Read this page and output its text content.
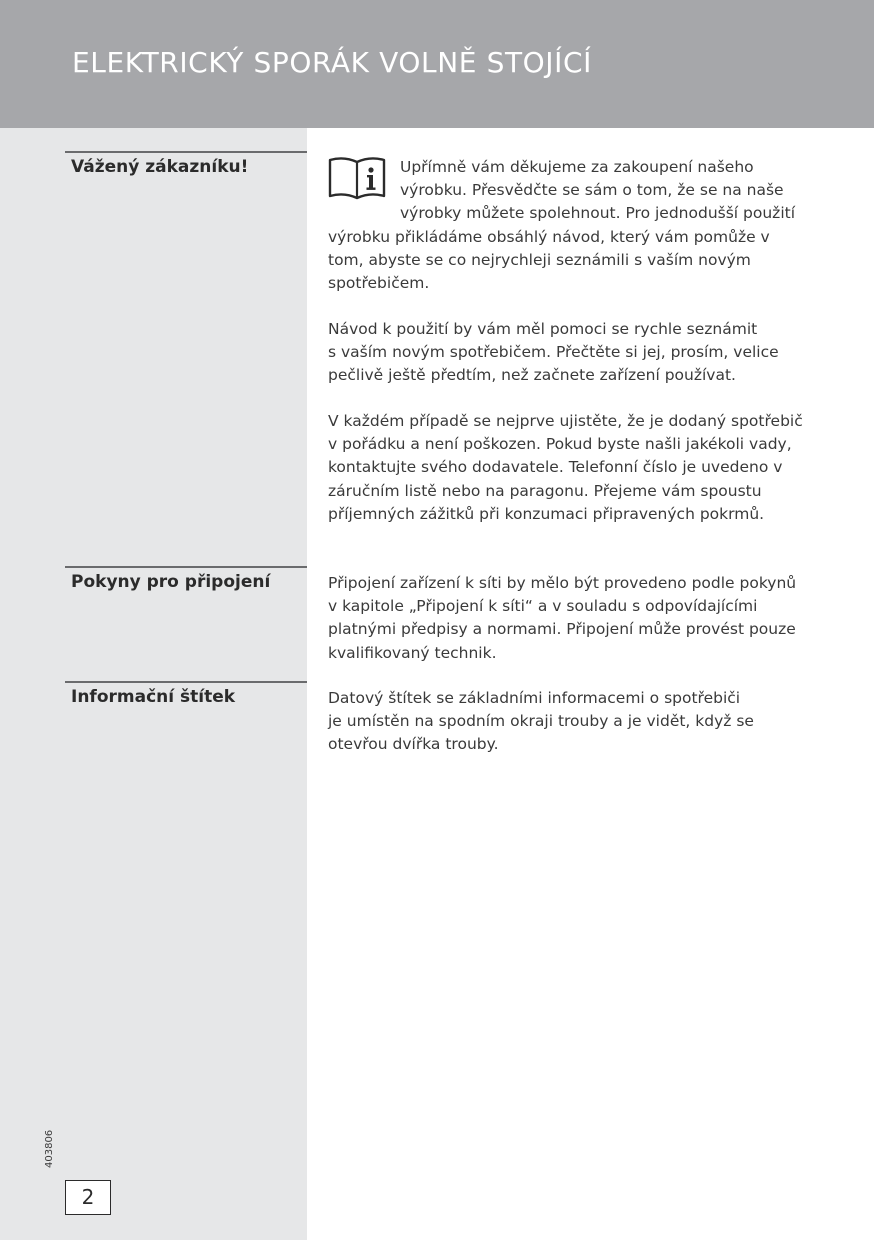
ELEKTRICKÝ SPORÁK VOLNĚ STOJÍCÍ
Vážený zákazníku!	Upřímně vám děkujeme za zakoupení našeho výrobku. Přesvědčte se sám o tom, že se na naše výrobky můžete spolehnout. Pro jednodušší použití výrobku přikládáme obsáhlý návod, který vám pomůže v tom, abyste se co nejrychleji seznámili s vaším novým spotřebičem.
Návod k použití by vám měl pomoci se rychle seznámit
s vaším novým spotřebičem. Přečtěte si jej, prosím, velice pečlivě ještě předtím, než začnete zařízení používat.
V každém případě se nejprve ujistěte, že je dodaný spotřebič v pořádku a není poškozen. Pokud byste našli jakékoli vady, kontaktujte svého dodavatele. Telefonní číslo je uvedeno v záručním listě nebo na paragonu. Přejeme vám spoustu příjemných zážitků při konzumaci připravených pokrmů.
Pokyny pro připojení	Připojení zařízení k síti by mělo být provedeno podle pokynů v kapitole „Připojení k síti“ a v souladu s odpovídajícími platnými předpisy a normami. Připojení může provést pouze kvalifikovaný technik.
Informační štítek	Datový štítek se základními informacemi o spotřebiči
je umístěn na spodním okraji trouby a je vidět, když se otevřou dvířka trouby.
403806
2
